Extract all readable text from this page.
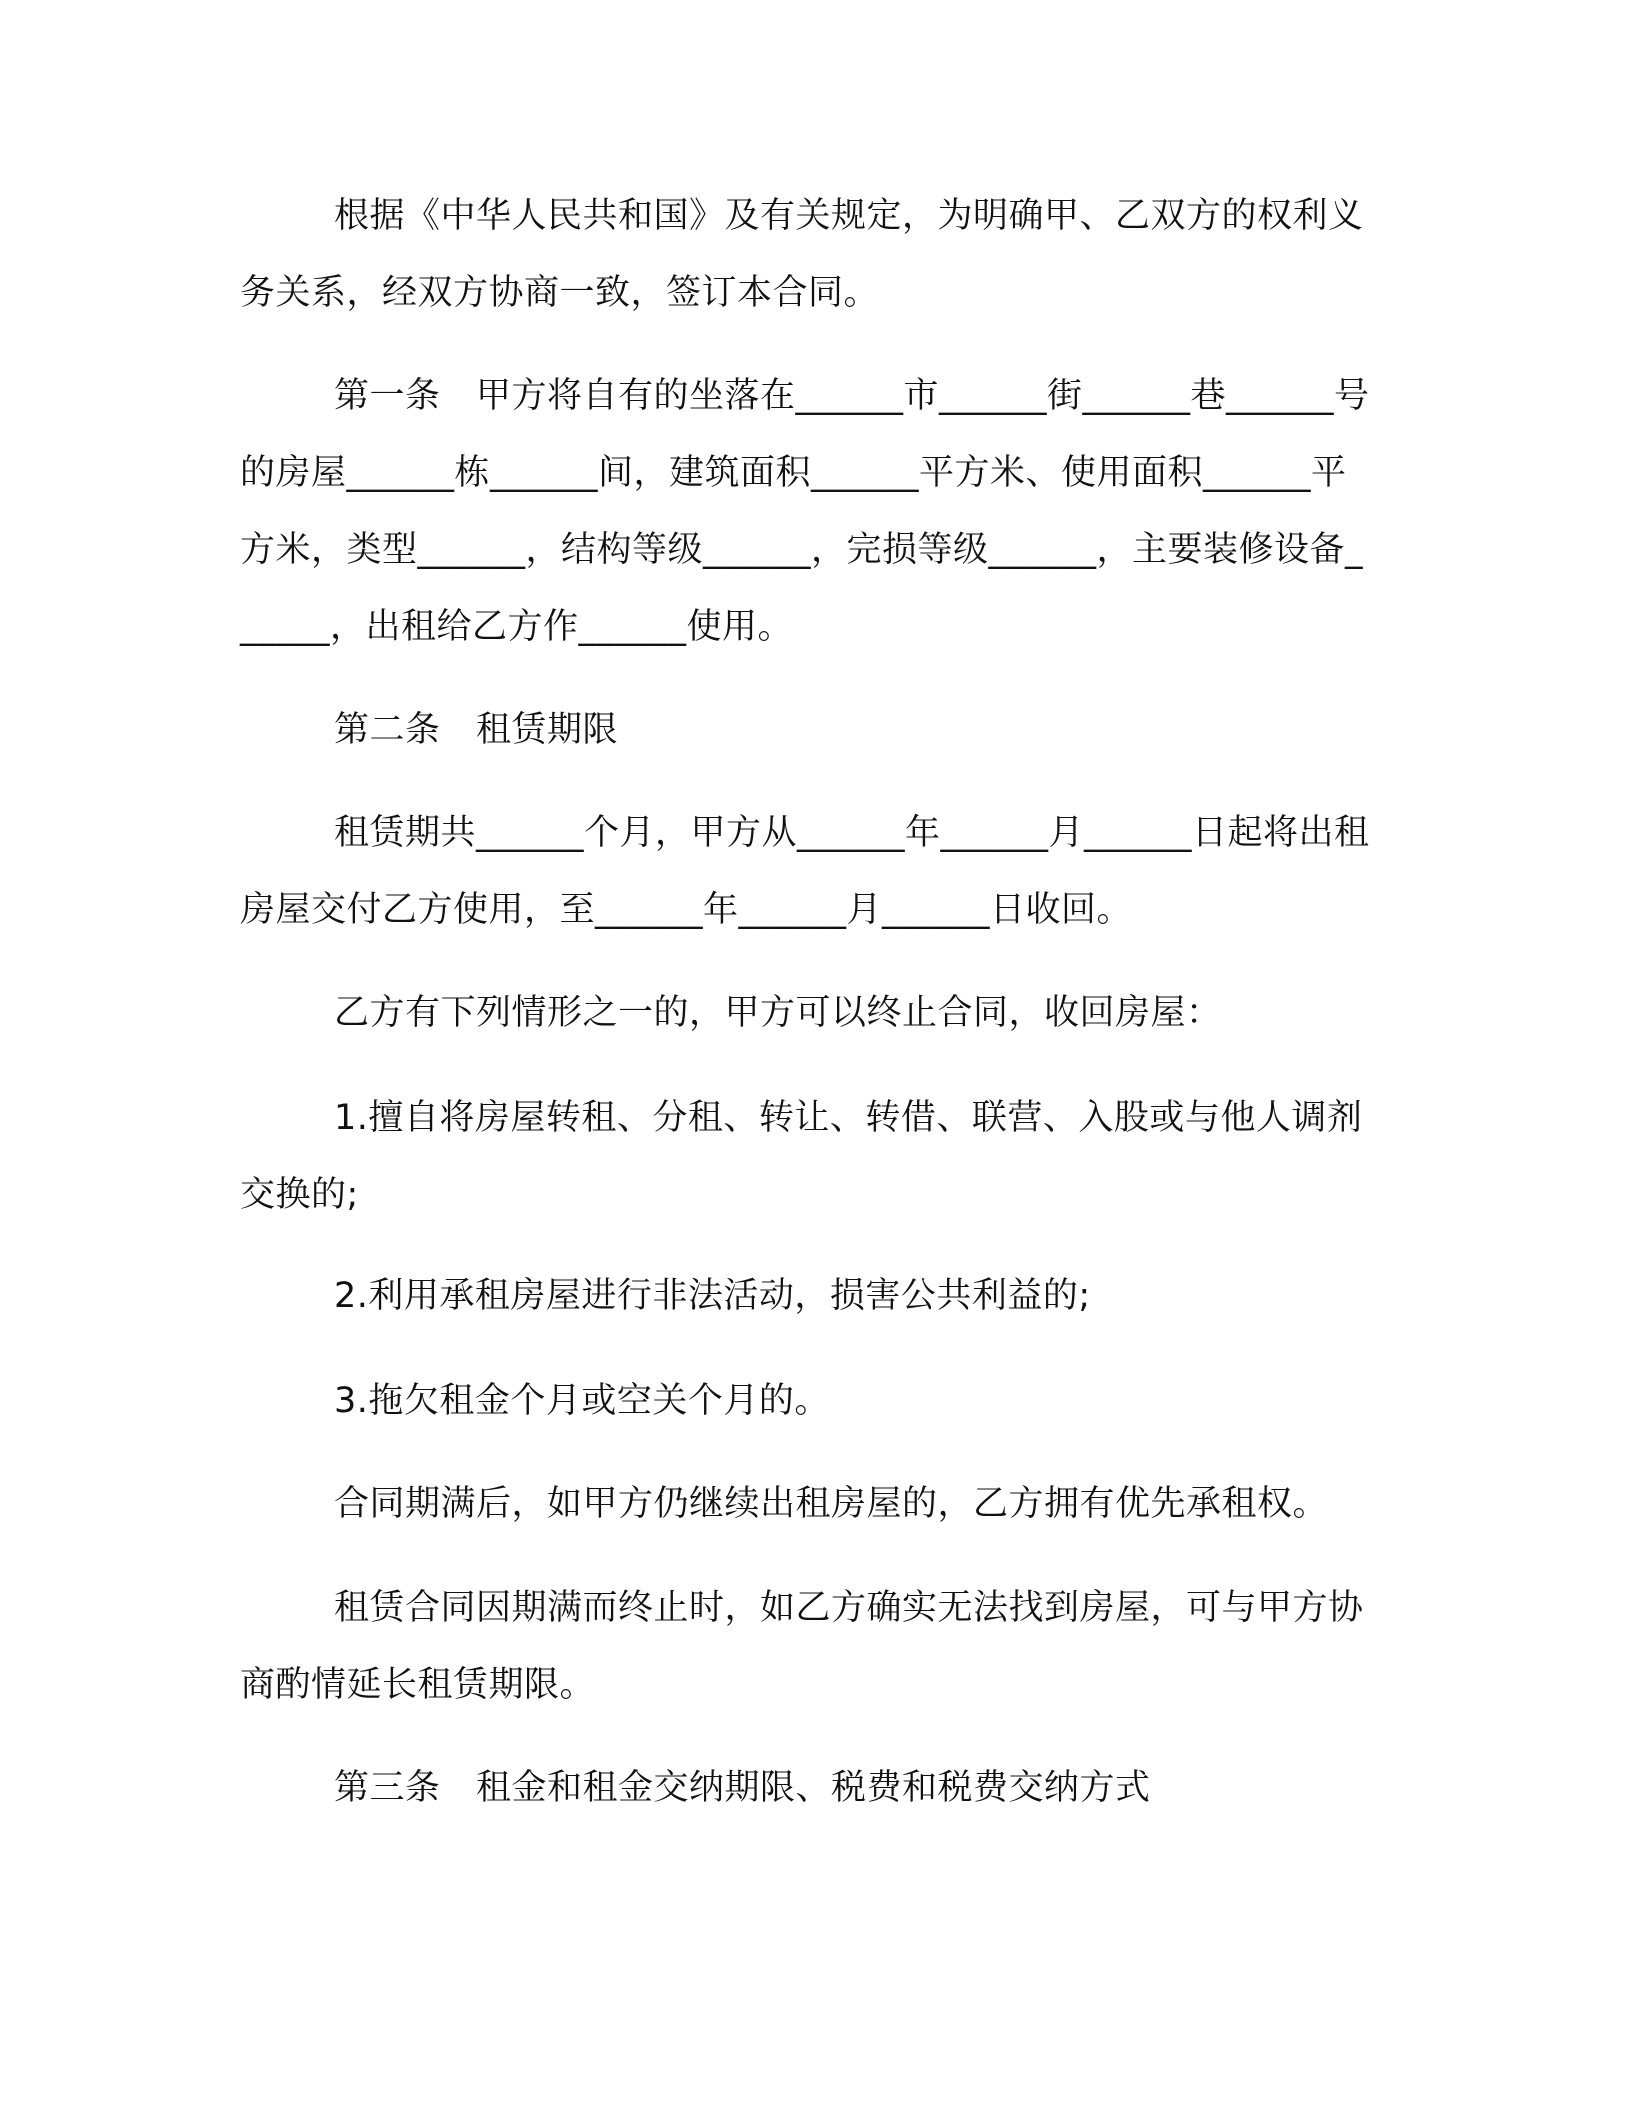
根据《中华人民共和国》及有关规定，为明确甲、乙双方的权利义务关系，经双方协商一致，签订本合同。
第一条　甲方将自有的坐落在______市______街______巷______号的房屋______栋______间，建筑面积______平方米、使用面积______平方米，类型______，结构等级______，完损等级______，主要装修设备______，出租给乙方作______使用。
第二条　租赁期限
租赁期共______个月，甲方从______年______月______日起将出租房屋交付乙方使用，至______年______月______日收回。
乙方有下列情形之一的，甲方可以终止合同，收回房屋：
1.擅自将房屋转租、分租、转让、转借、联营、入股或与他人调剂交换的;
2.利用承租房屋进行非法活动，损害公共利益的;
3.拖欠租金个月或空关个月的。
合同期满后，如甲方仍继续出租房屋的，乙方拥有优先承租权。
租赁合同因期满而终止时，如乙方确实无法找到房屋，可与甲方协商酌情延长租赁期限。
第三条　租金和租金交纳期限、税费和税费交纳方式
